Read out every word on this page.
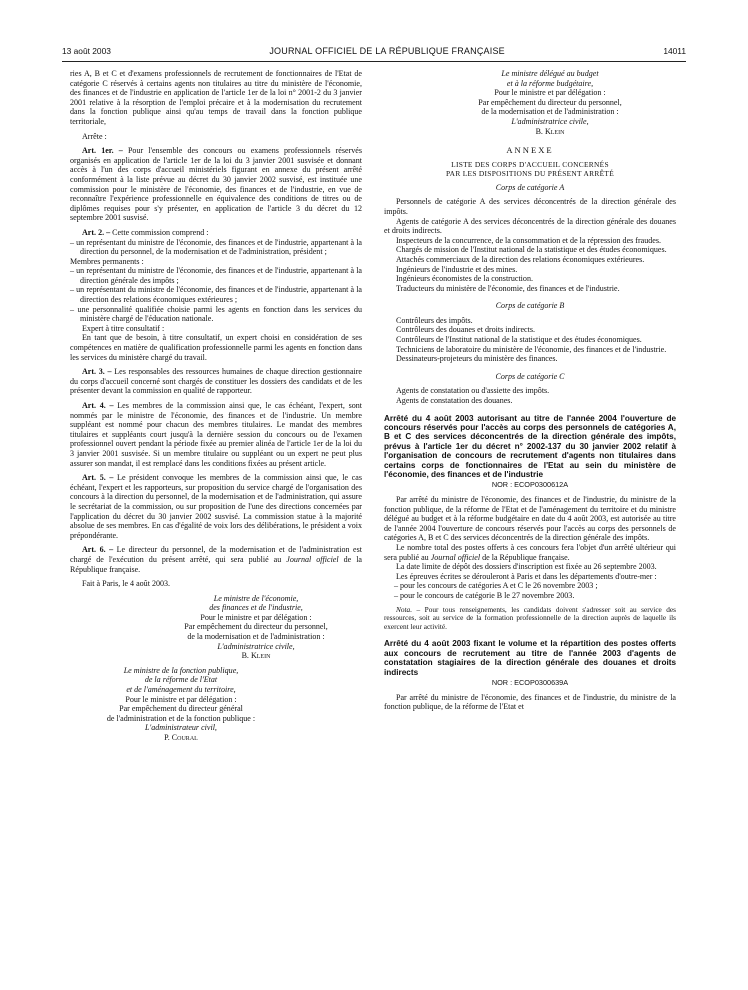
13 août 2003	JOURNAL OFFICIEL DE LA RÉPUBLIQUE FRANÇAISE	14011

ries A, B et C et d'examens professionnels de recrutement de fonctionnaires de l'Etat de catégorie C réservés à certains agents non titulaires au titre du ministère de l'économie, des finances et de l'industrie en application de l'article 1er de la loi n° 2001-2 du 3 janvier 2001 relative à la résorption de l'emploi précaire et à la modernisation du recrutement dans la fonction publique ainsi qu'au temps de travail dans la fonction publique territoriale,

Arrête :

Art. 1er. – Pour l'ensemble des concours ou examens professionnels réservés organisés en application de l'article 1er de la loi du 3 janvier 2001 susvisée et donnant accès à l'un des corps d'accueil ministériels figurant en annexe du présent arrêté conformément à la liste prévue au décret du 30 janvier 2002 susvisé, est instituée une commission pour le ministère de l'économie, des finances et de l'industrie, en vue de reconnaître l'expérience professionnelle en équivalence des conditions de titres ou de diplômes requises pour s'y présenter, en application de l'article 3 du décret du 12 septembre 2001 susvisé.

Art. 2. – Cette commission comprend :

– un représentant du ministre de l'économie, des finances et de l'industrie, appartenant à la direction du personnel, de la modernisation et de l'administration, président ;

Membres permanents :

– un représentant du ministre de l'économie, des finances et de l'industrie, appartenant à la direction générale des impôts ;

– un représentant du ministre de l'économie, des finances et de l'industrie, appartenant à la direction des relations économiques extérieures ;

– une personnalité qualifiée choisie parmi les agents en fonction dans les services du ministère chargé de l'éducation nationale.

Expert à titre consultatif :

En tant que de besoin, à titre consultatif, un expert choisi en considération de ses compétences en matière de qualification professionnelle parmi les agents en fonction dans les services du ministère chargé du travail.

Art. 3. – Les responsables des ressources humaines de chaque direction gestionnaire du corps d'accueil concerné sont chargés de constituer les dossiers des candidats et de les présenter devant la commission en qualité de rapporteur.

Art. 4. – Les membres de la commission ainsi que, le cas échéant, l'expert, sont nommés par le ministre de l'économie, des finances et de l'industrie. Un membre suppléant est nommé pour chacun des membres titulaires. Le mandat des membres titulaires et suppléants court jusqu'à la dernière session du concours ou de l'examen professionnel ouvert pendant la période fixée au premier alinéa de l'article 1er de la loi du 3 janvier 2001 susvisée. Si un membre titulaire ou suppléant ou un expert ne peut plus assurer son mandat, il est remplacé dans les conditions fixées au présent article.

Art. 5. – Le président convoque les membres de la commission ainsi que, le cas échéant, l'expert et les rapporteurs, sur proposition du service chargé de l'organisation des concours à la direction du personnel, de la modernisation et de l'administration, qui assure le secrétariat de la commission, ou sur proposition de l'une des directions concernées par l'application du décret du 30 janvier 2002 susvisé. La commission statue à la majorité absolue de ses membres. En cas d'égalité de voix lors des délibérations, le président a voix prépondérante.

Art. 6. – Le directeur du personnel, de la modernisation et de l'administration est chargé de l'exécution du présent arrêté, qui sera publié au Journal officiel de la République française.

Fait à Paris, le 4 août 2003.

Le ministre de l'économie,

des finances et de l'industrie,

Pour le ministre et par délégation :

Par empêchement du directeur du personnel,

de la modernisation et de l'administration :

L'administratrice civile,

B. Klein

Le ministre de la fonction publique,

de la réforme de l'Etat

et de l'aménagement du territoire,

Pour le ministre et par délégation :

Par empêchement du directeur général

de l'administration et de la fonction publique :

L'administrateur civil,

P. Coural

Le ministre délégué au budget

et à la réforme budgétaire,

Pour le ministre et par délégation :

Par empêchement du directeur du personnel,

de la modernisation et de l'administration :

L'administratrice civile,

B. Klein

ANNEXE

LISTE DES CORPS D'ACCUEIL CONCERNÉS

PAR LES DISPOSITIONS DU PRÉSENT ARRÊTÉ

Corps de catégorie A

Personnels de catégorie A des services déconcentrés de la direction générale des impôts.

Agents de catégorie A des services déconcentrés de la direction générale des douanes et droits indirects.

Inspecteurs de la concurrence, de la consommation et de la répression des fraudes.

Chargés de mission de l'Institut national de la statistique et des études économiques.

Attachés commerciaux de la direction des relations économiques extérieures.

Ingénieurs de l'industrie et des mines.

Ingénieurs économistes de la construction.

Traducteurs du ministère de l'économie, des finances et de l'industrie.

Corps de catégorie B

Contrôleurs des impôts.

Contrôleurs des douanes et droits indirects.

Contrôleurs de l'Institut national de la statistique et des études économiques.

Techniciens de laboratoire du ministère de l'économie, des finances et de l'industrie.

Dessinateurs-projeteurs du ministère des finances.

Corps de catégorie C

Agents de constatation ou d'assiette des impôts.

Agents de constatation des douanes.

Arrêté du 4 août 2003 autorisant au titre de l'année 2004 l'ouverture de concours réservés pour l'accès au corps des personnels de catégories A, B et C des services déconcentrés de la direction générale des impôts, prévus à l'article 1er du décret n° 2002-137 du 30 janvier 2002 relatif à l'organisation de concours de recrutement d'agents non titulaires dans certains corps de fonctionnaires de l'Etat au sein du ministère de l'économie, des finances et de l'industrie

NOR : ECOP0300612A

Par arrêté du ministre de l'économie, des finances et de l'industrie, du ministre de la fonction publique, de la réforme de l'Etat et de l'aménagement du territoire et du ministre délégué au budget et à la réforme budgétaire en date du 4 août 2003, est autorisée au titre de l'année 2004 l'ouverture de concours réservés pour l'accès au corps des personnels de catégories A, B et C des services déconcentrés de la direction générale des impôts.

Le nombre total des postes offerts à ces concours fera l'objet d'un arrêté ultérieur qui sera publié au Journal officiel de la République française.

La date limite de dépôt des dossiers d'inscription est fixée au 26 septembre 2003.

Les épreuves écrites se dérouleront à Paris et dans les départements d'outre-mer :

– pour les concours de catégories A et C le 26 novembre 2003 ;

– pour le concours de catégorie B le 27 novembre 2003.

Nota. – Pour tous renseignements, les candidats doivent s'adresser soit au service des ressources, soit au service de la formation professionnelle de la direction auprès de laquelle ils exercent leur activité.

Arrêté du 4 août 2003 fixant le volume et la répartition des postes offerts aux concours de recrutement au titre de l'année 2003 d'agents de constatation stagiaires de la direction générale des douanes et droits indirects

NOR : ECOP0300639A

Par arrêté du ministre de l'économie, des finances et de l'industrie, du ministre de la fonction publique, de la réforme de l'Etat et
